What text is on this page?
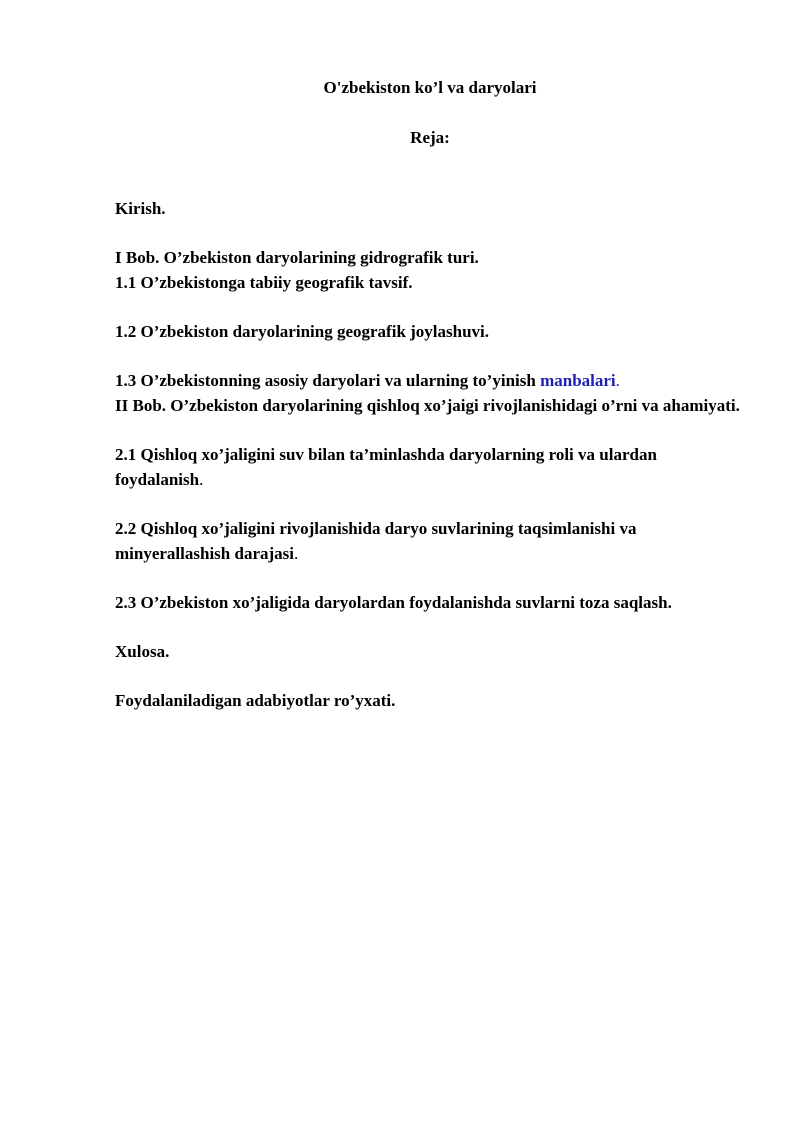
O'zbekiston ko’l va daryolari

Reja:

Kirish.

I Bob. O’zbekiston daryolarining gidrografik turi.

1.1 O’zbekistonga tabiiy geografik tavsif.

1.2 O’zbekiston daryolarining geografik joylashuvi.

1.3 O’zbekistonning asosiy daryolari va ularning to’yinish manbalari.

II Bob. O’zbekiston daryolarining qishloq xo’jaigi rivojlanishidagi o’rni va ahamiyati.

2.1 Qishloq xo’jaligini suv bilan ta’minlashda daryolarning roli va ulardan foydalanish.

2.2 Qishloq xo’jaligini rivojlanishida daryo suvlarining taqsimlanishi va minyerallashish darajasi.

2.3 O’zbekiston xo’jaligida daryolardan foydalanishda suvlarni toza saqlash.

Xulosa.

Foydalaniladigan adabiyotlar ro’yxati.
